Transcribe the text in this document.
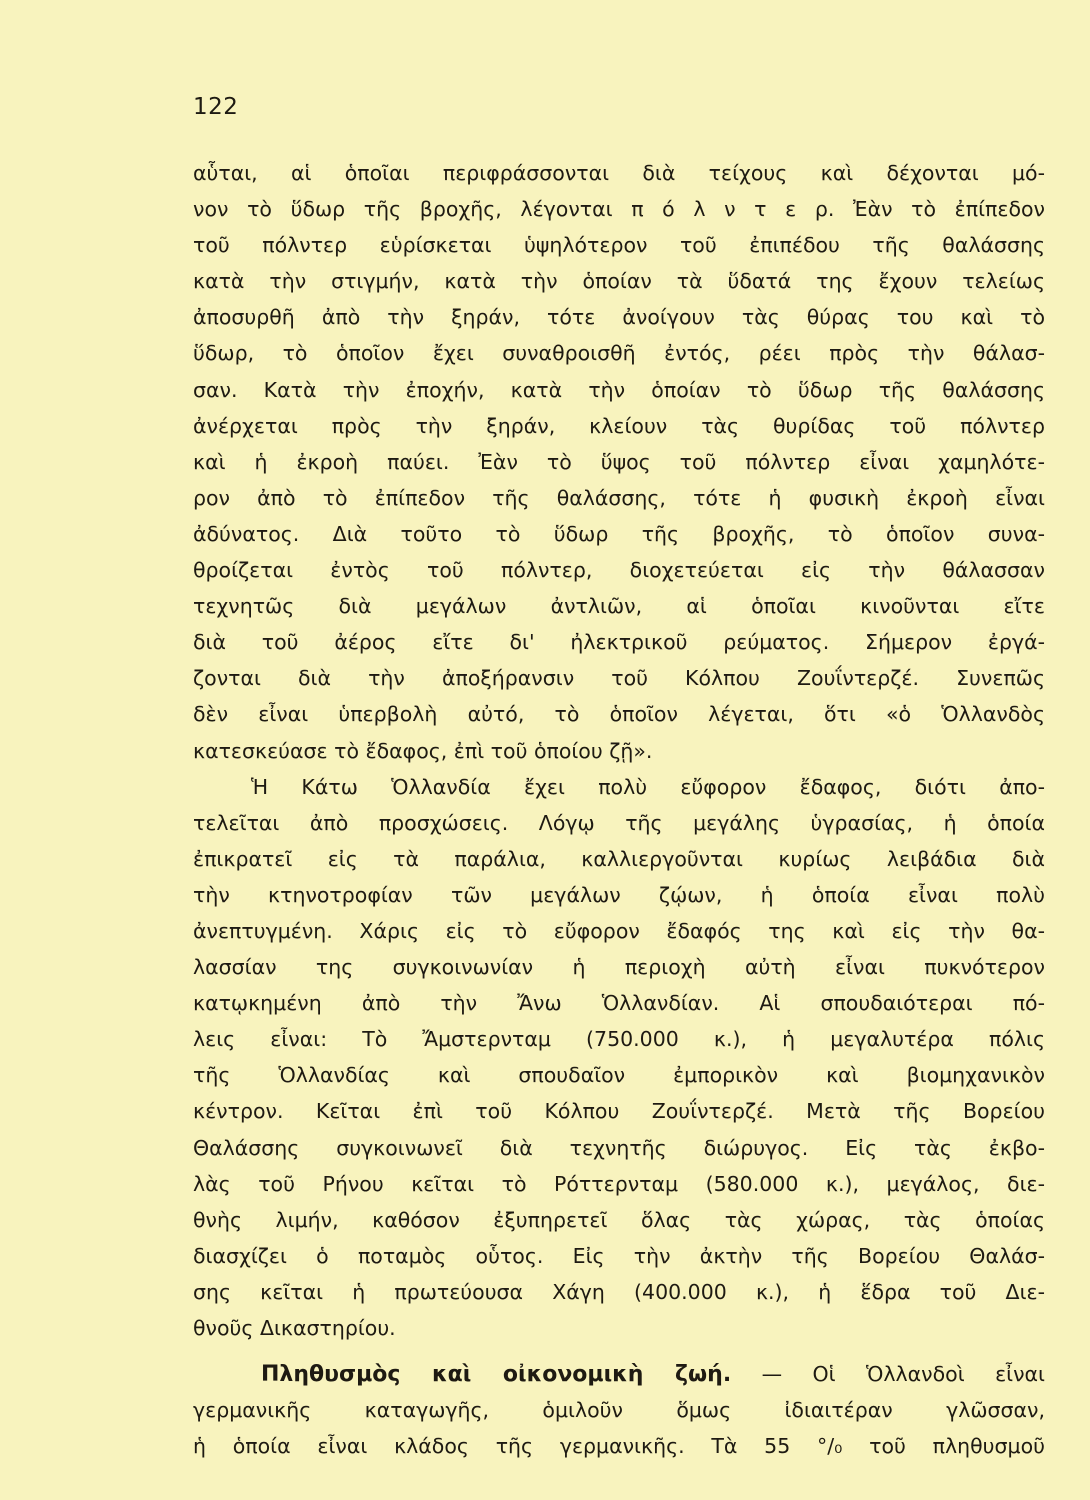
122
αὗται, αἱ ὁποῖαι περιφράσσονται διὰ τείχους καὶ δέχονται μό-
νον τὸ ὕδωρ τῆς βροχῆς, λέγονται π ό λ ν τ ε ρ. Ἐὰν τὸ ἐπίπεδον
τοῦ πόλντερ εὑρίσκεται ὑψηλότερον τοῦ ἐπιπέδου τῆς θαλάσσης
κατὰ τὴν στιγμήν, κατὰ τὴν ὁποίαν τὰ ὕδατά της ἔχουν τελείως
ἀποσυρθῆ ἀπὸ τὴν ξηράν, τότε ἀνοίγουν τὰς θύρας του καὶ τὸ
ὕδωρ, τὸ ὁποῖον ἔχει συναθροισθῆ ἐντός, ρέει πρὸς τὴν θάλασ-
σαν. Κατὰ τὴν ἐποχήν, κατὰ τὴν ὁποίαν τὸ ὕδωρ τῆς θαλάσσης
ἀνέρχεται πρὸς τὴν ξηράν, κλείουν τὰς θυρίδας τοῦ πόλντερ
καὶ ἡ ἐκροὴ παύει. Ἐὰν τὸ ὕψος τοῦ πόλντερ εἶναι χαμηλότε-
ρον ἀπὸ τὸ ἐπίπεδον τῆς θαλάσσης, τότε ἡ φυσικὴ ἐκροὴ εἶναι
ἀδύνατος. Διὰ τοῦτο τὸ ὕδωρ τῆς βροχῆς, τὸ ὁποῖον συνα-
θροίζεται ἐντὸς τοῦ πόλντερ, διοχετεύεται εἰς τὴν θάλασσαν
τεχνητῶς διὰ μεγάλων ἀντλιῶν, αἱ ὁποῖαι κινοῦνται εἴτε
διὰ τοῦ ἀέρος εἴτε δι' ἠλεκτρικοῦ ρεύματος. Σήμερον ἐργά-
ζονται διὰ τὴν ἀποξήρανσιν τοῦ Κόλπου Ζουΐντερζέ. Συνεπῶς
δὲν εἶναι ὑπερβολὴ αὐτό, τὸ ὁποῖον λέγεται, ὅτι «ὁ Ὁλλανδὸς
κατεσκεύασε τὸ ἔδαφος, ἐπὶ τοῦ ὁποίου ζῇ».
Ἡ Κάτω Ὁλλανδία ἔχει πολὺ εὔφορον ἔδαφος, διότι ἀπο-
τελεῖται ἀπὸ προσχώσεις. Λόγῳ τῆς μεγάλης ὑγρασίας, ἡ ὁποία
ἐπικρατεῖ εἰς τὰ παράλια, καλλιεργοῦνται κυρίως λειβάδια διὰ
τὴν κτηνοτροφίαν τῶν μεγάλων ζῴων, ἡ ὁποία εἶναι πολὺ
ἀνεπτυγμένη. Χάρις εἰς τὸ εὔφορον ἔδαφός της καὶ εἰς τὴν θα-
λασσίαν της συγκοινωνίαν ἡ περιοχὴ αὐτὴ εἶναι πυκνότερον
κατῳκημένη ἀπὸ τὴν Ἄνω Ὁλλανδίαν. Αἱ σπουδαιότεραι πό-
λεις εἶναι: Τὸ Ἄμστερνταμ (750.000 κ.), ἡ μεγαλυτέρα πόλις
τῆς Ὁλλανδίας καὶ σπουδαῖον ἐμπορικὸν καὶ βιομηχανικὸν
κέντρον. Κεῖται ἐπὶ τοῦ Κόλπου Ζουΐντερζέ. Μετὰ τῆς Βορείου
Θαλάσσης συγκοινωνεῖ διὰ τεχνητῆς διώρυγος. Εἰς τὰς ἐκβο-
λὰς τοῦ Ρήνου κεῖται τὸ Ρόττερνταμ (580.000 κ.), μεγάλος, διε-
θνὴς λιμήν, καθόσον ἐξυπηρετεῖ ὅλας τὰς χώρας, τὰς ὁποίας
διασχίζει ὁ ποταμὸς οὗτος. Εἰς τὴν ἀκτὴν τῆς Βορείου Θαλάσ-
σης κεῖται ἡ πρωτεύουσα Χάγη (400.000 κ.), ἡ ἕδρα τοῦ Διε-
θνοῦς Δικαστηρίου.
Πληθυσμὸς καὶ οἰκονομικὴ ζωή. — Οἱ Ὁλλανδοὶ εἶναι
γερμανικῆς καταγωγῆς, ὁμιλοῦν ὅμως ἰδιαιτέραν γλῶσσαν,
ἡ ὁποία εἶναι κλάδος τῆς γερμανικῆς. Τὰ 55 °/₀ τοῦ πληθυσμοῦ
